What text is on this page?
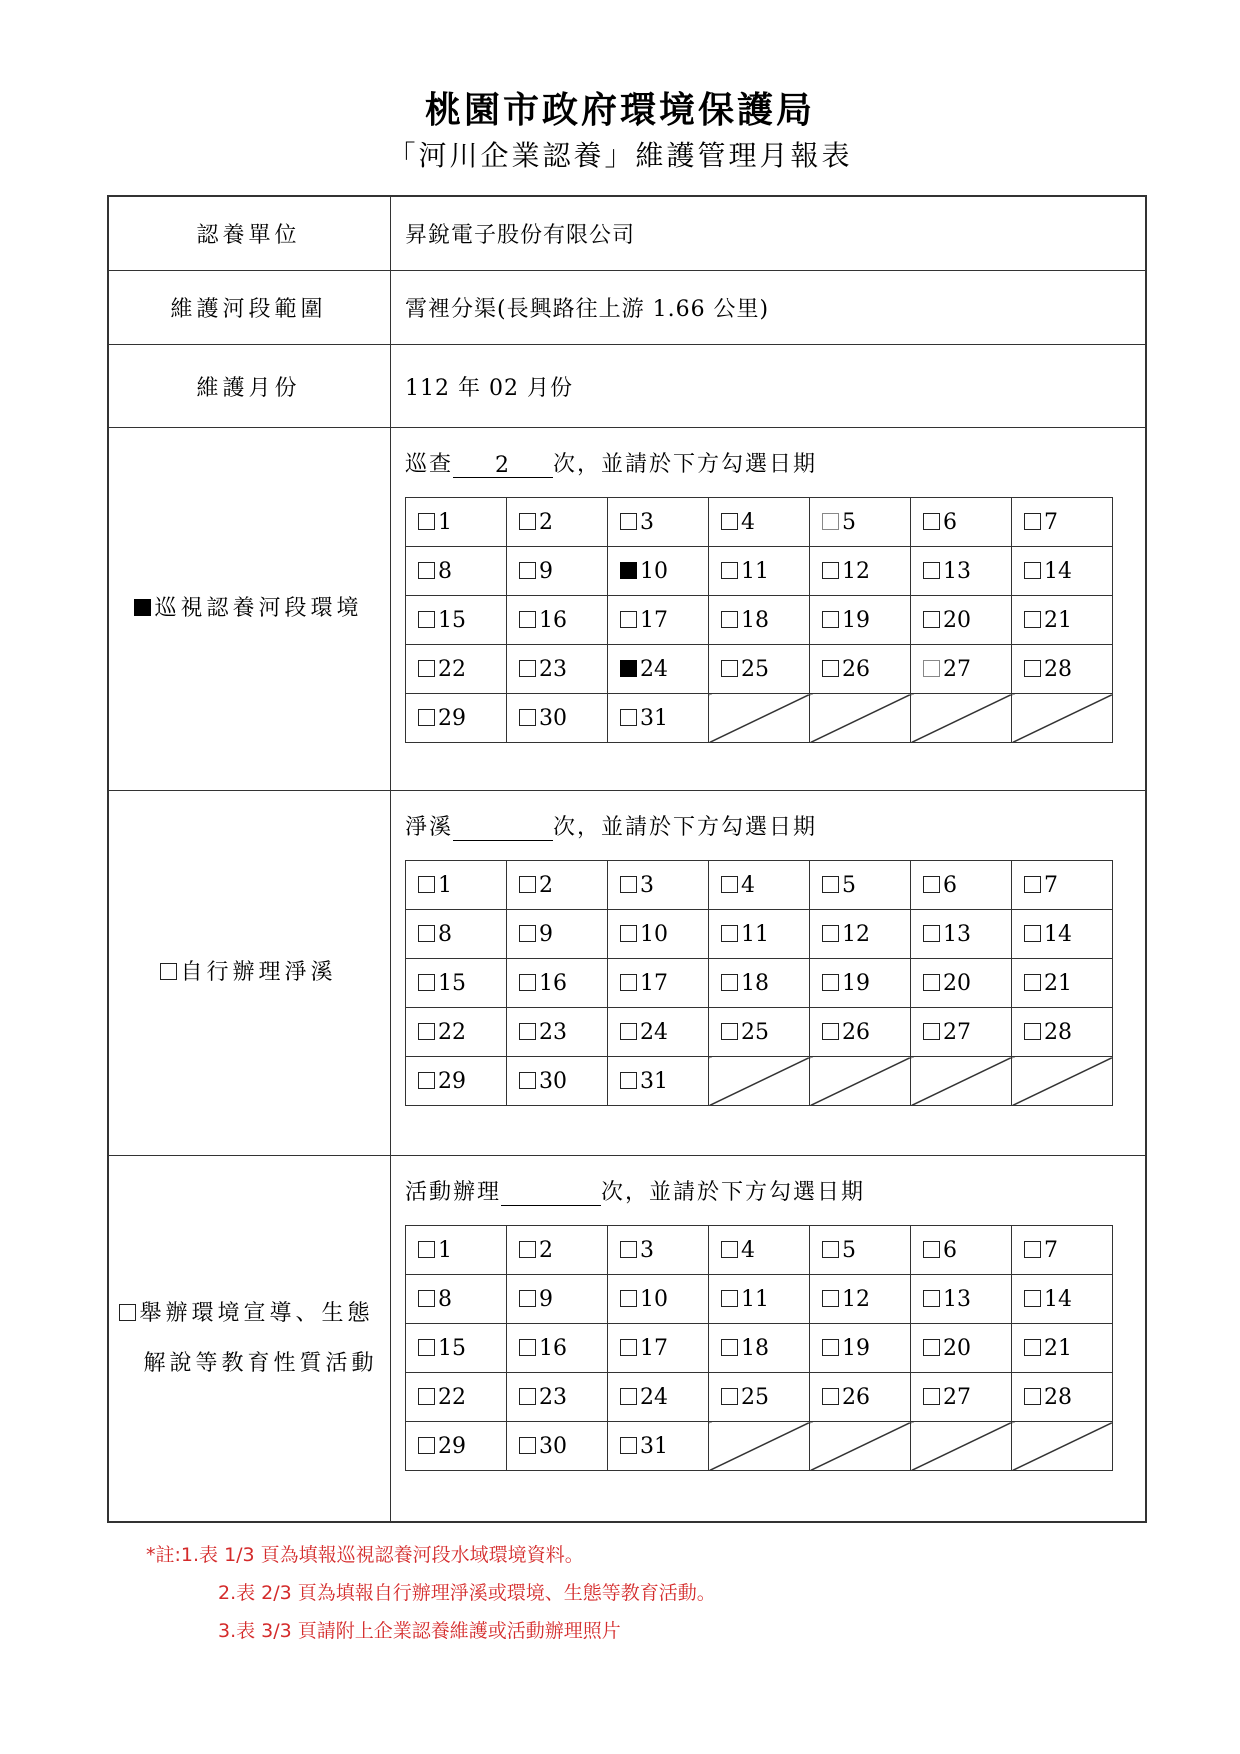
桃園市政府環境保護局
「河川企業認養」維護管理月報表
認養單位	昇銳電子股份有限公司
維護河段範圍	霄裡分渠(長興路往上游 1.66 公里)
維護月份	112 年 02 月份
巡視認養河段環境
巡查 2 次，並請於下方勾選日期
1	2	3	4	5	6	7
8	9	10	11	12	13	14
15	16	17	18	19	20	21
22	23	24	25	26	27	28
29	30	31				
自行辦理淨溪
淨溪	次，並請於下方勾選日期
1	2	3	4	5	6	7
8	9	10	11	12	13	14
15	16	17	18	19	20	21
22	23	24	25	26	27	28
29	30	31				
舉辦環境宣導、生態
解說等教育性質活動
活動辦理	次，並請於下方勾選日期
1	2	3	4	5	6	7
8	9	10	11	12	13	14
15	16	17	18	19	20	21
22	23	24	25	26	27	28
29	30	31				
*註:1.表 1/3 頁為填報巡視認養河段水域環境資料。
2.表 2/3 頁為填報自行辦理淨溪或環境、生態等教育活動。
3.表 3/3 頁請附上企業認養維護或活動辦理照片
